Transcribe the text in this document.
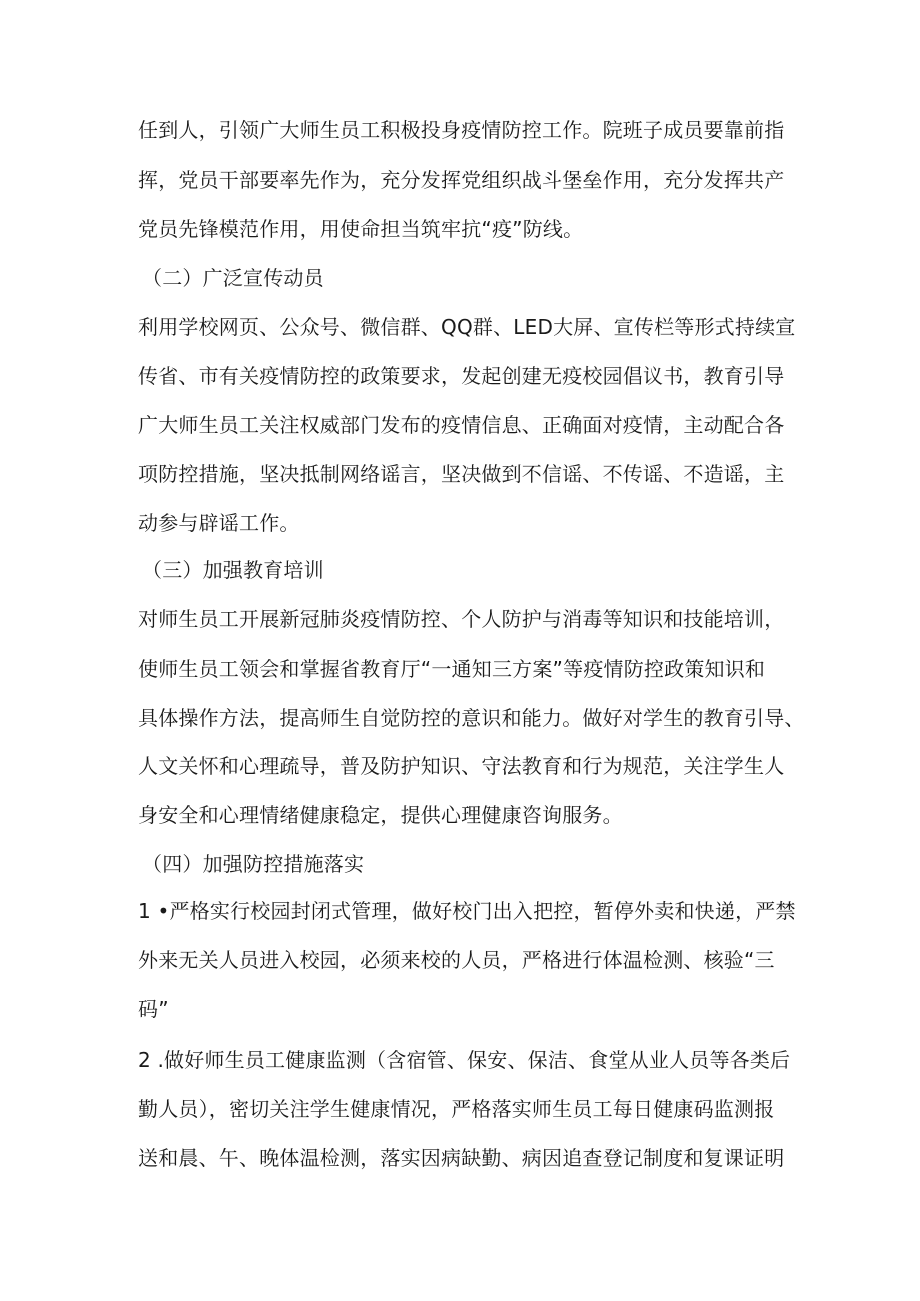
任到人，引领广大师生员工积极投身疫情防控工作。院班子成员要靠前指
挥，党员干部要率先作为，充分发挥党组织战斗堡垒作用，充分发挥共产
党员先锋模范作用，用使命担当筑牢抗“疫”防线。
（二）广泛宣传动员
利用学校网页、公众号、微信群、QQ群、LED大屏、宣传栏等形式持续宣
传省、市有关疫情防控的政策要求，发起创建无疫校园倡议书，教育引导
广大师生员工关注权威部门发布的疫情信息、正确面对疫情，主动配合各
项防控措施，坚决抵制网络谣言，坚决做到不信谣、不传谣、不造谣，主
动参与辟谣工作。
（三）加强教育培训
对师生员工开展新冠肺炎疫情防控、个人防护与消毒等知识和技能培训，
使师生员工领会和掌握省教育厅“一通知三方案”等疫情防控政策知识和
具体操作方法，提高师生自觉防控的意识和能力。做好对学生的教育引导、
人文关怀和心理疏导，普及防护知识、守法教育和行为规范，关注学生人
身安全和心理情绪健康稳定，提供心理健康咨询服务。
（四）加强防控措施落实
1 •严格实行校园封闭式管理，做好校门出入把控，暂停外卖和快递，严禁
外来无关人员进入校园，必须来校的人员，严格进行体温检测、核验“三
码”
2 .做好师生员工健康监测（含宿管、保安、保洁、食堂从业人员等各类后
勤人员），密切关注学生健康情况，严格落实师生员工每日健康码监测报
送和晨、午、晚体温检测，落实因病缺勤、病因追查登记制度和复课证明
